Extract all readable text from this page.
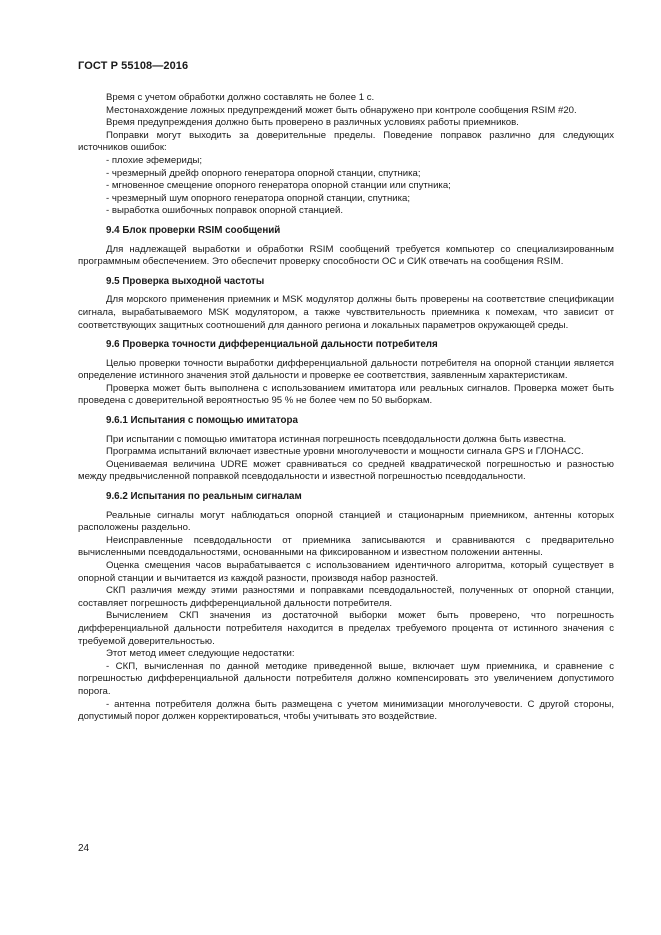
ГОСТ Р 55108—2016
Время с учетом обработки должно составлять не более 1 с.
Местонахождение ложных предупреждений может быть обнаружено при контроле сообщения RSIM #20.
Время предупреждения должно быть проверено в различных условиях работы приемников.
Поправки могут выходить за доверительные пределы. Поведение поправок различно для следующих источников ошибок:
- плохие эфемериды;
- чрезмерный дрейф опорного генератора опорной станции, спутника;
- мгновенное смещение опорного генератора опорной станции или спутника;
- чрезмерный шум опорного генератора опорной станции, спутника;
- выработка ошибочных поправок опорной станцией.
9.4 Блок проверки RSIM сообщений
Для надлежащей выработки и обработки RSIM сообщений требуется компьютер со специализированным программным обеспечением. Это обеспечит проверку способности ОС и СИК отвечать на сообщения RSIM.
9.5 Проверка выходной частоты
Для морского применения приемник и MSK модулятор должны быть проверены на соответствие спецификации сигнала, вырабатываемого MSK модулятором, а также чувствительность приемника к помехам, что зависит от соответствующих защитных соотношений для данного региона и локальных параметров окружающей среды.
9.6 Проверка точности дифференциальной дальности потребителя
Целью проверки точности выработки дифференциальной дальности потребителя на опорной станции является определение истинного значения этой дальности и проверке ее соответствия, заявленным характеристикам.
Проверка может быть выполнена с использованием имитатора или реальных сигналов. Проверка может быть проведена с доверительной вероятностью 95 % не более чем по 50 выборкам.
9.6.1 Испытания с помощью имитатора
При испытании с помощью имитатора истинная погрешность псевдодальности должна быть известна.
Программа испытаний включает известные уровни многолучевости и мощности сигнала GPS и ГЛОНАСС.
Оцениваемая величина UDRE может сравниваться со средней квадратической погрешностью и разностью между предвычисленной поправкой псевдодальности и известной погрешностью псевдодальности.
9.6.2 Испытания по реальным сигналам
Реальные сигналы могут наблюдаться опорной станцией и стационарным приемником, антенны которых расположены раздельно.
Неисправленные псевдодальности от приемника записываются и сравниваются с предварительно вычисленными псевдодальностями, основанными на фиксированном и известном положении антенны.
Оценка смещения часов вырабатывается с использованием идентичного алгоритма, который существует в опорной станции и вычитается из каждой разности, производя набор разностей.
СКП различия между этими разностями и поправками псевдодальностей, полученных от опорной станции, составляет погрешность дифференциальной дальности потребителя.
Вычислением СКП значения из достаточной выборки может быть проверено, что погрешность дифференциальной дальности потребителя находится в пределах требуемого процента от истинного значения с требуемой доверительностью.
Этот метод имеет следующие недостатки:
- СКП, вычисленная по данной методике приведенной выше, включает шум приемника, и сравнение с погрешностью дифференциальной дальности потребителя должно компенсировать это увеличением допустимого порога.
- антенна потребителя должна быть размещена с учетом минимизации многолучевости. С другой стороны, допустимый порог должен корректироваться, чтобы учитывать это воздействие.
24
